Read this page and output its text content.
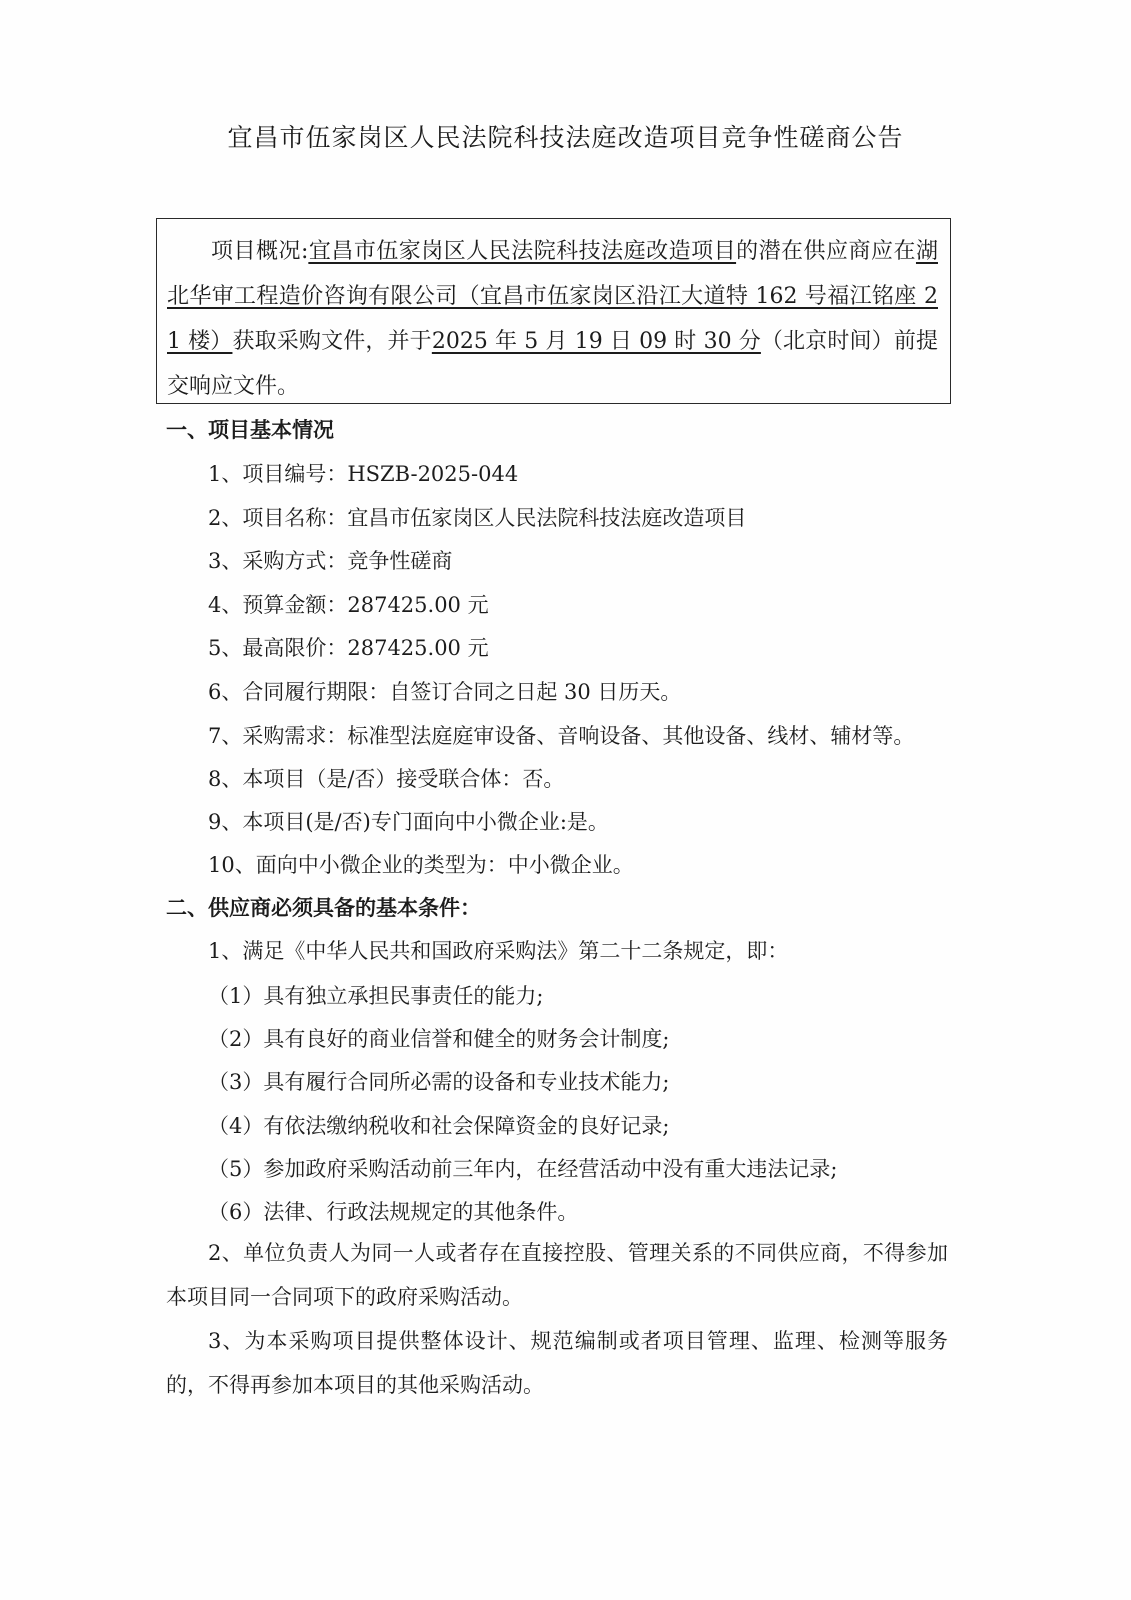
宜昌市伍家岗区人民法院科技法庭改造项目竞争性磋商公告
项目概况:宜昌市伍家岗区人民法院科技法庭改造项目的潜在供应商应在湖北华审工程造价咨询有限公司（宜昌市伍家岗区沿江大道特 162 号福江铭座 21 楼）获取采购文件，并于2025 年 5 月 19 日 09 时 30 分（北京时间）前提交响应文件。
一、项目基本情况
1、项目编号：HSZB-2025-044
2、项目名称：宜昌市伍家岗区人民法院科技法庭改造项目
3、采购方式：竞争性磋商
4、预算金额：287425.00 元
5、最高限价：287425.00 元
6、合同履行期限：自签订合同之日起 30 日历天。
7、采购需求：标准型法庭庭审设备、音响设备、其他设备、线材、辅材等。
8、本项目（是/否）接受联合体：否。
9、本项目(是/否)专门面向中小微企业:是。
10、面向中小微企业的类型为：中小微企业。
二、供应商必须具备的基本条件：
1、满足《中华人民共和国政府采购法》第二十二条规定，即：
（1）具有独立承担民事责任的能力;
（2）具有良好的商业信誉和健全的财务会计制度;
（3）具有履行合同所必需的设备和专业技术能力;
（4）有依法缴纳税收和社会保障资金的良好记录;
（5）参加政府采购活动前三年内，在经营活动中没有重大违法记录;
（6）法律、行政法规规定的其他条件。
2、单位负责人为同一人或者存在直接控股、管理关系的不同供应商，不得参加本项目同一合同项下的政府采购活动。
3、为本采购项目提供整体设计、规范编制或者项目管理、监理、检测等服务的，不得再参加本项目的其他采购活动。
